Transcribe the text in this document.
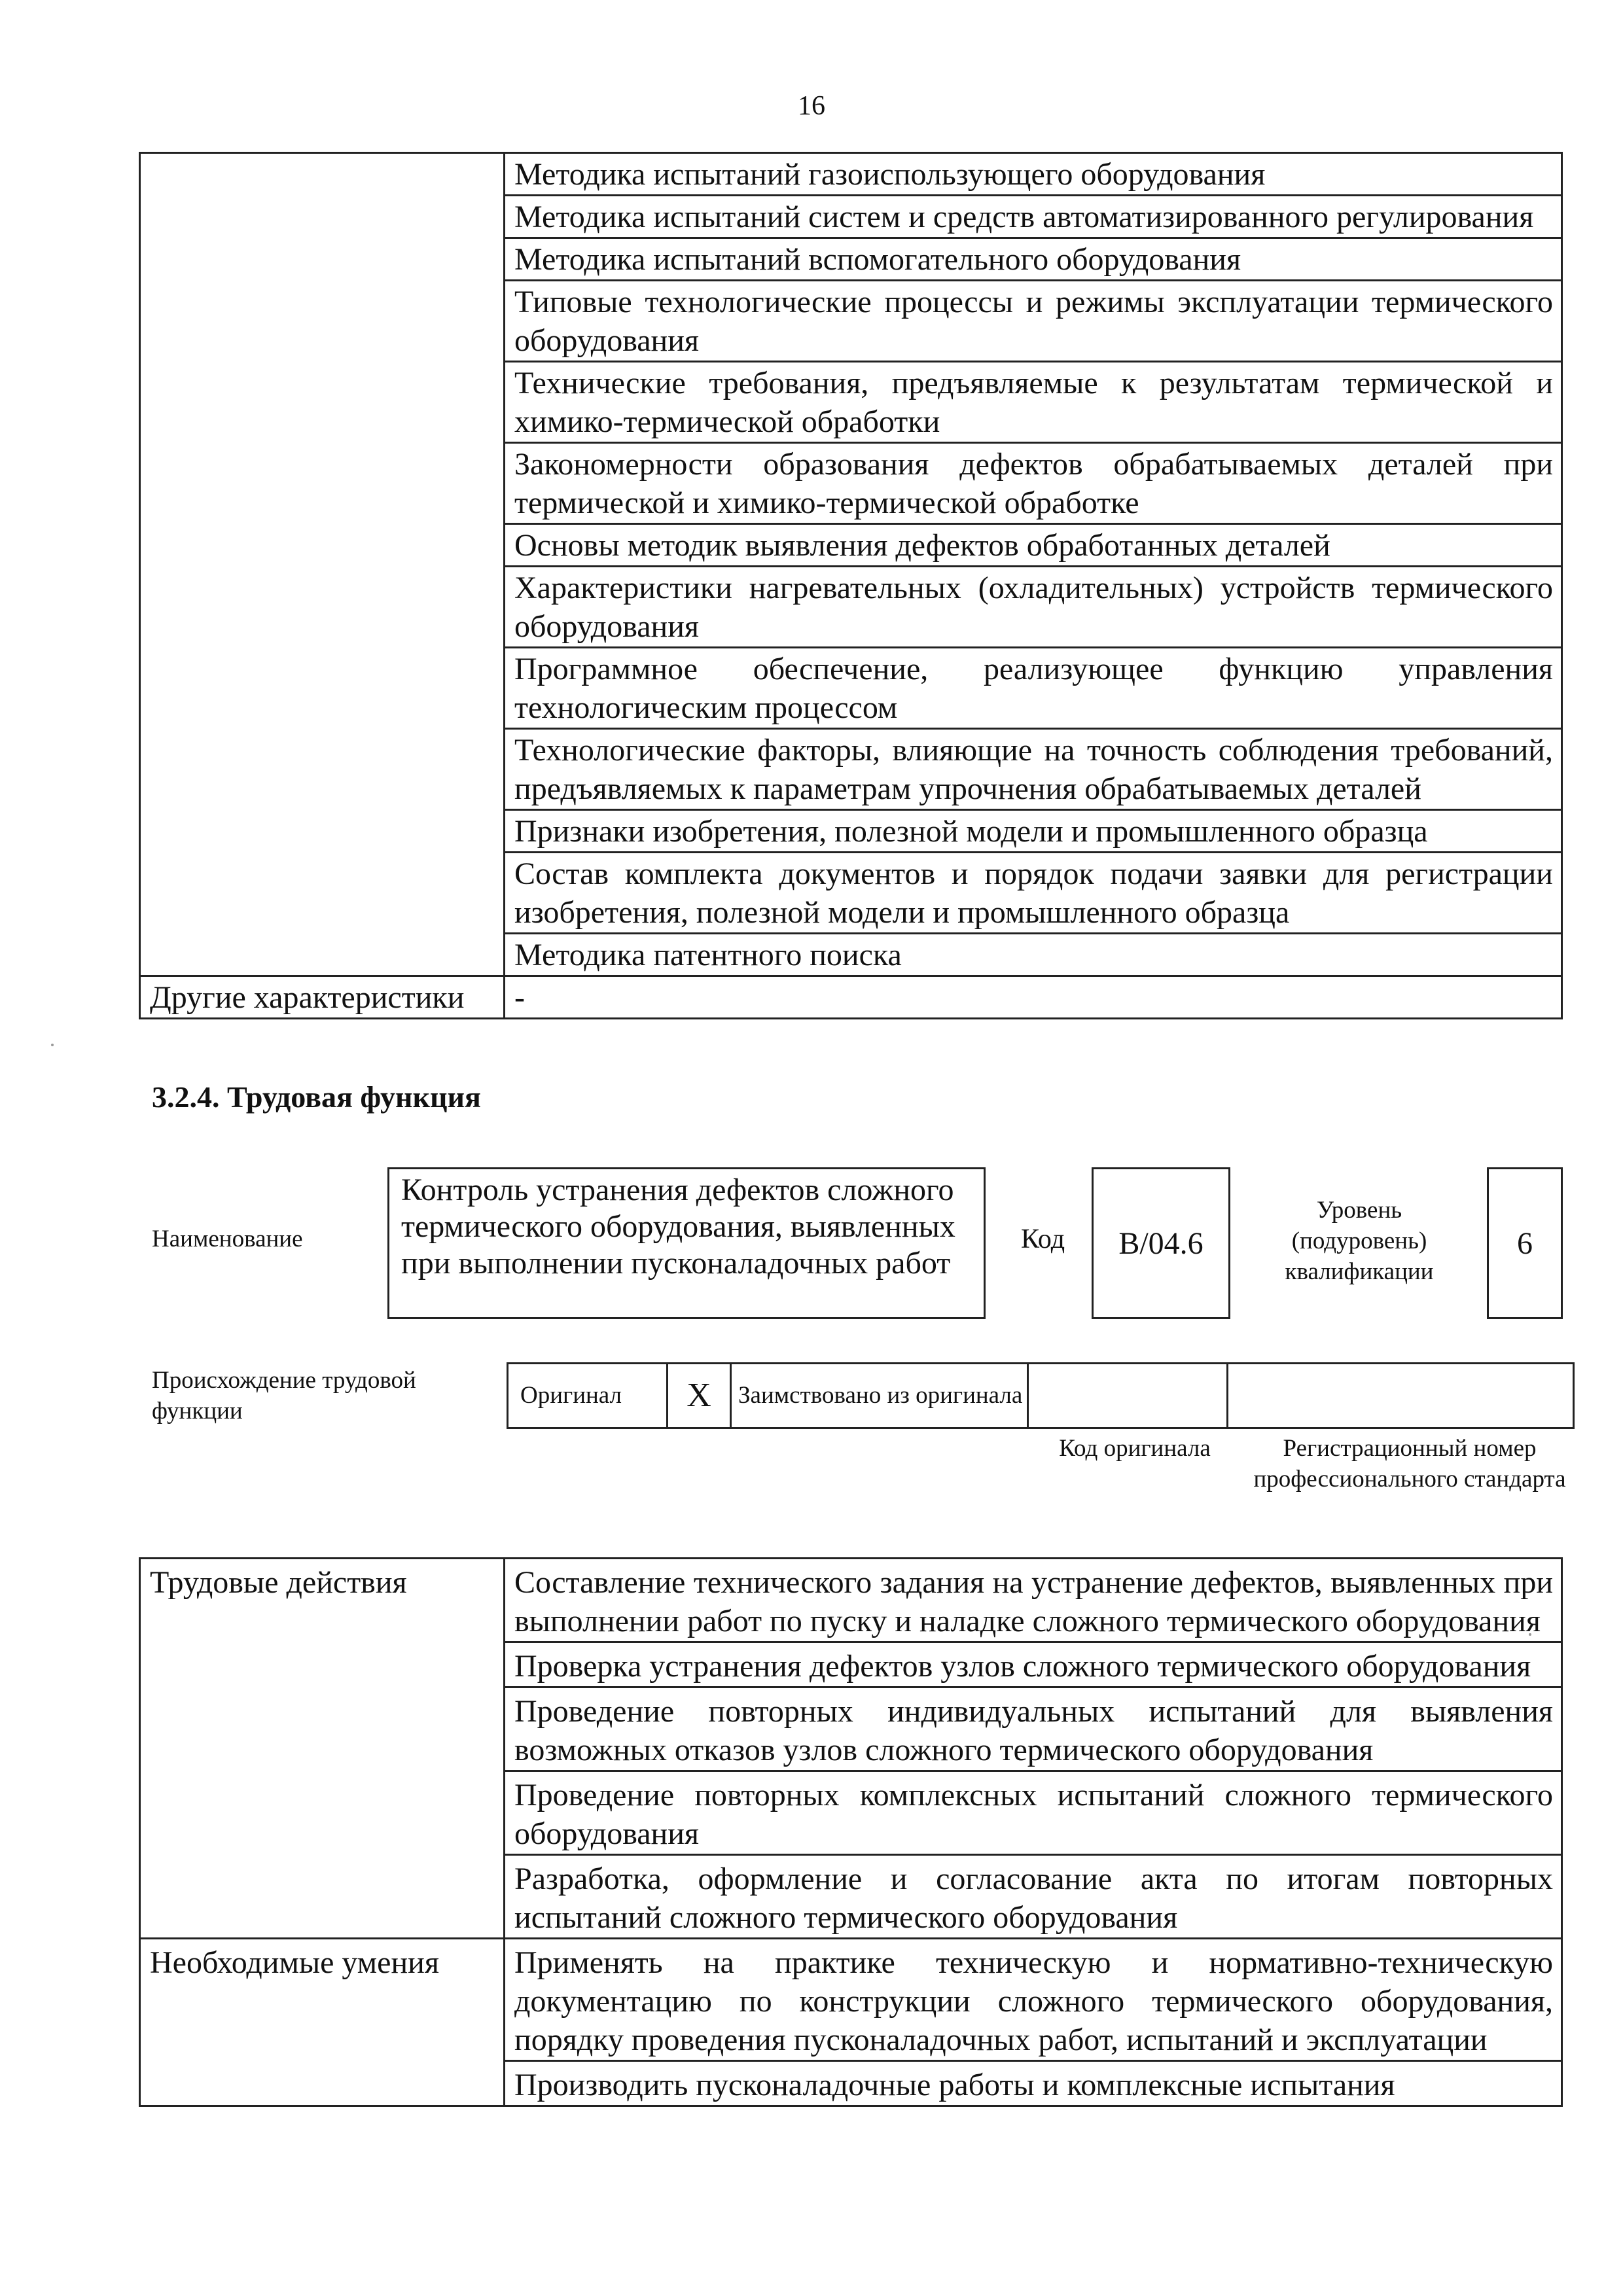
16
	Методика испытаний газоиспользующего оборудования
	Методика испытаний систем и средств автоматизированного регулирования
	Методика испытаний вспомогательного оборудования
	Типовые технологические процессы и режимы эксплуатации термического оборудования
	Технические требования, предъявляемые к результатам термической и химико-термической обработки
	Закономерности образования дефектов обрабатываемых деталей при термической и химико-термической обработке
	Основы методик выявления дефектов обработанных деталей
	Характеристики нагревательных (охладительных) устройств термического оборудования
	Программное обеспечение, реализующее функцию управления технологическим процессом
	Технологические факторы, влияющие на точность соблюдения требований, предъявляемых к параметрам упрочнения обрабатываемых деталей
	Признаки изобретения, полезной модели и промышленного образца
	Состав комплекта документов и порядок подачи заявки для регистрации изобретения, полезной модели и промышленного образца
	Методика патентного поиска
Другие характеристики	-
3.2.4. Трудовая функция
Наименование
Контроль устранения дефектов сложного термического оборудования, выявленных при выполнении пусконаладочных работ
Код	B/04.6
Уровень (подуровень) квалификации
6
Происхождение трудовой функции
Оригинал	X	Заимствовано из оригинала		
Код оригинала	Регистрационный номер профессионального стандарта
Трудовые действия	Составление технического задания на устранение дефектов, выявленных при выполнении работ по пуску и наладке сложного термического оборудования
	Проверка устранения дефектов узлов сложного термического оборудования
	Проведение повторных индивидуальных испытаний для выявления возможных отказов узлов сложного термического оборудования
	Проведение повторных комплексных испытаний сложного термического оборудования
	Разработка, оформление и согласование акта по итогам повторных испытаний сложного термического оборудования
Необходимые умения	Применять на практике техническую и нормативно-техническую документацию по конструкции сложного термического оборудования, порядку проведения пусконаладочных работ, испытаний и эксплуатации
	Производить пусконаладочные работы и комплексные испытания
